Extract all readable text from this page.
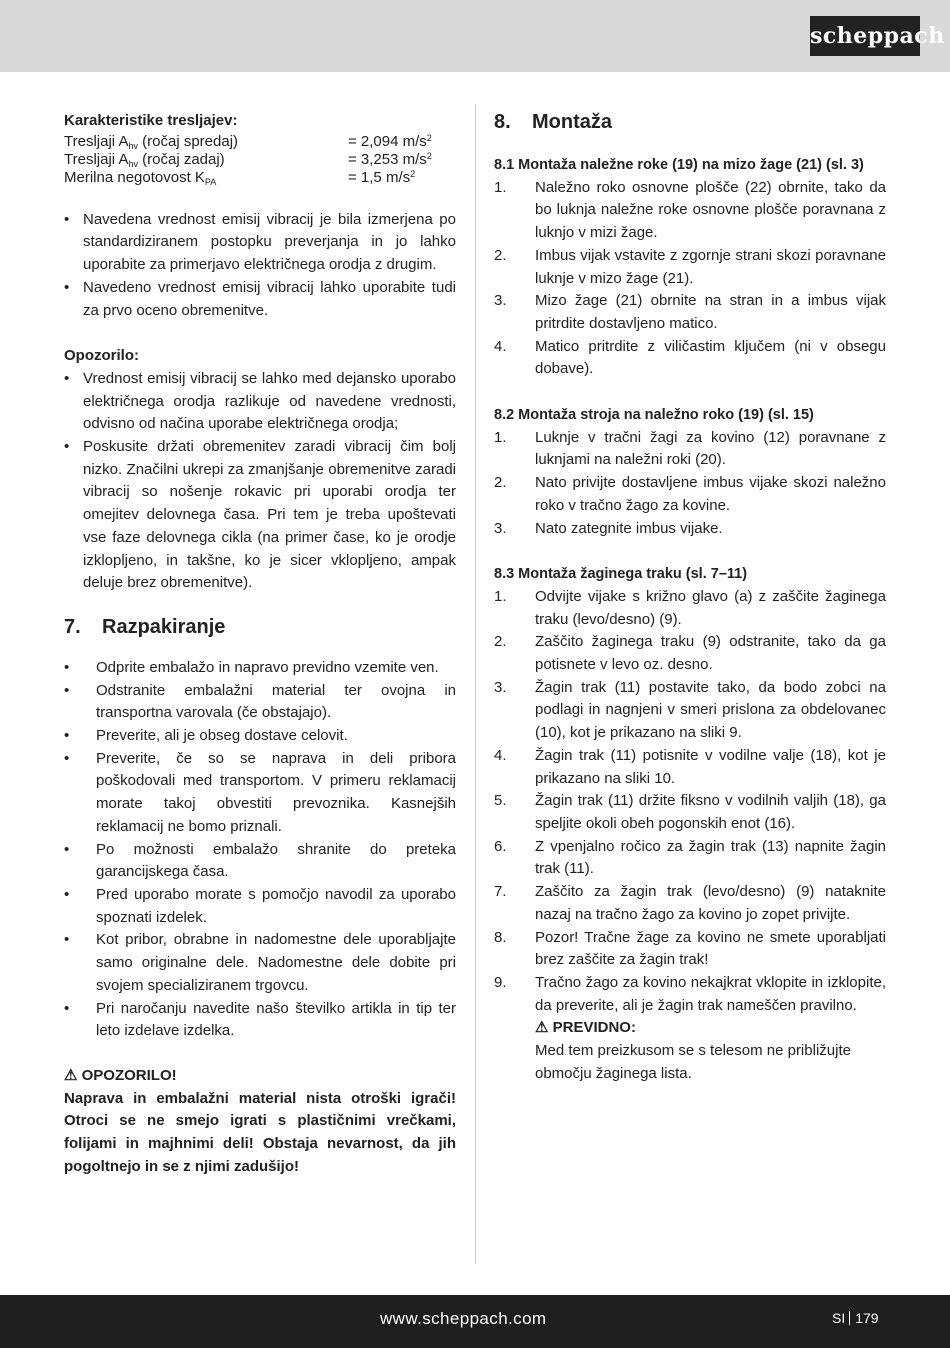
scheppach

Karakteristike tresljajev:

Tresljaji $A_{hv}$ (ročaj spredaj)	= 2,094 $m/s^2$
Tresljaji $A_{hv}$ (ročaj zadaj)	= 3,253 $m/s^2$
Merilna negotovost $K_{PA}$	= 1,5 $m/s^2$
• Navedena vrednost emisij vibracij je bila izmerjena po standardiziranem postopku preverjanja in jo lahko uporabite za primerjavo električnega orodja z drugim.
• Navedeno vrednost emisij vibracij lahko uporabite tudi za prvo oceno obremenitve.

Opozorilo:

• Vrednost emisij vibracij se lahko med dejansko uporabo električnega orodja razlikuje od navedene vrednosti, odvisno od načina uporabe električnega orodja;
• Poskusite držati obremenitev zaradi vibracij čim bolj nizko. Značilni ukrepi za zmanjšanje obremenitve zaradi vibracij so nošenje rokavic pri uporabi orodja ter omejitev delovnega časa. Pri tem je treba upoštevati vse faze delovnega cikla (na primer čase, ko je orodje izklopljeno, in takšne, ko je sicer vklopljeno, ampak deluje brez obremenitve).
7. Razpakiranje
• Odprite embalažo in napravo previdno vzemite ven.
• Odstranite embalažni material ter ovojna in transportna varovala (če obstajajo).
• Preverite, ali je obseg dostave celovit.
• Preverite, če so se naprava in deli pribora poškodovali med transportom. V primeru reklamacij morate takoj obvestiti prevoznika. Kasnejših reklamacij ne bomo priznali.
• Po možnosti embalažo shranite do preteka garancijskega časa.
• Pred uporabo morate s pomočjo navodil za uporabo spoznati izdelek.
• Kot pribor, obrabne in nadomestne dele uporabljajte samo originalne dele. Nadomestne dele dobite pri svojem specializiranem trgovcu.
• Pri naročanju navedite našo številko artikla in tip ter leto izdelave izdelka.

⚠ OPOZORILO!

Naprava in embalažni material nista otroški igrači! Otroci se ne smejo igrati s plastičnimi vrečkami, folijami in majhnimi deli! Obstaja nevarnost, da jih pogoltnejo in se z njimi zadušijo!

8. Montaža
8.1 Montaža naležne roke (19) na mizo žage (21) (sl. 3)
1. Naležno roko osnovne plošče (22) obrnite, tako da bo luknja naležne roke osnovne plošče poravnana z luknjo v mizi žage.
2. Imbus vijak vstavite z zgornje strani skozi poravnane luknje v mizo žage (21).
3. Mizo žage (21) obrnite na stran in a imbus vijak pritrdite dostavljeno matico.
4. Matico pritrdite z viličastim ključem (ni v obsegu dobave).
8.2 Montaža stroja na naležno roko (19) (sl. 15)
1. Luknje v tračni žagi za kovino (12) poravnane z luknjami na naležni roki (20).
2. Nato privijte dostavljene imbus vijake skozi naležno roko v tračno žago za kovine.
3. Nato zategnite imbus vijake.
8.3 Montaža žaginega traku (sl. 7–11)
1. Odvijte vijake s križno glavo (a) z zaščite žaginega traku (levo/desno) (9).
2. Zaščito žaginega traku (9) odstranite, tako da ga potisnete v levo oz. desno.
3. Žagin trak (11) postavite tako, da bodo zobci na podlagi in nagnjeni v smeri prislona za obdelovanec (10), kot je prikazano na sliki 9.
4. Žagin trak (11) potisnite v vodilne valje (18), kot je prikazano na sliki 10.
5. Žagin trak (11) držite fiksno v vodilnih valjih (18), ga speljite okoli obeh pogonskih enot (16).
6. Z vpenjalno ročico za žagin trak (13) napnite žagin trak (11).
7. Zaščito za žagin trak (levo/desno) (9) nataknite nazaj na tračno žago za kovino jo zopet privijte.
8. Pozor! Tračne žage za kovino ne smete uporabljati brez zaščite za žagin trak!
9. Tračno žago za kovino nekajkrat vklopite in izklopite, da preverite, ali je žagin trak nameščen pravilno.

⚠ PREVIDNO:

Med tem preizkusom se s telesom ne približujte območju žaginega lista.

www.scheppach.com	SI 179
